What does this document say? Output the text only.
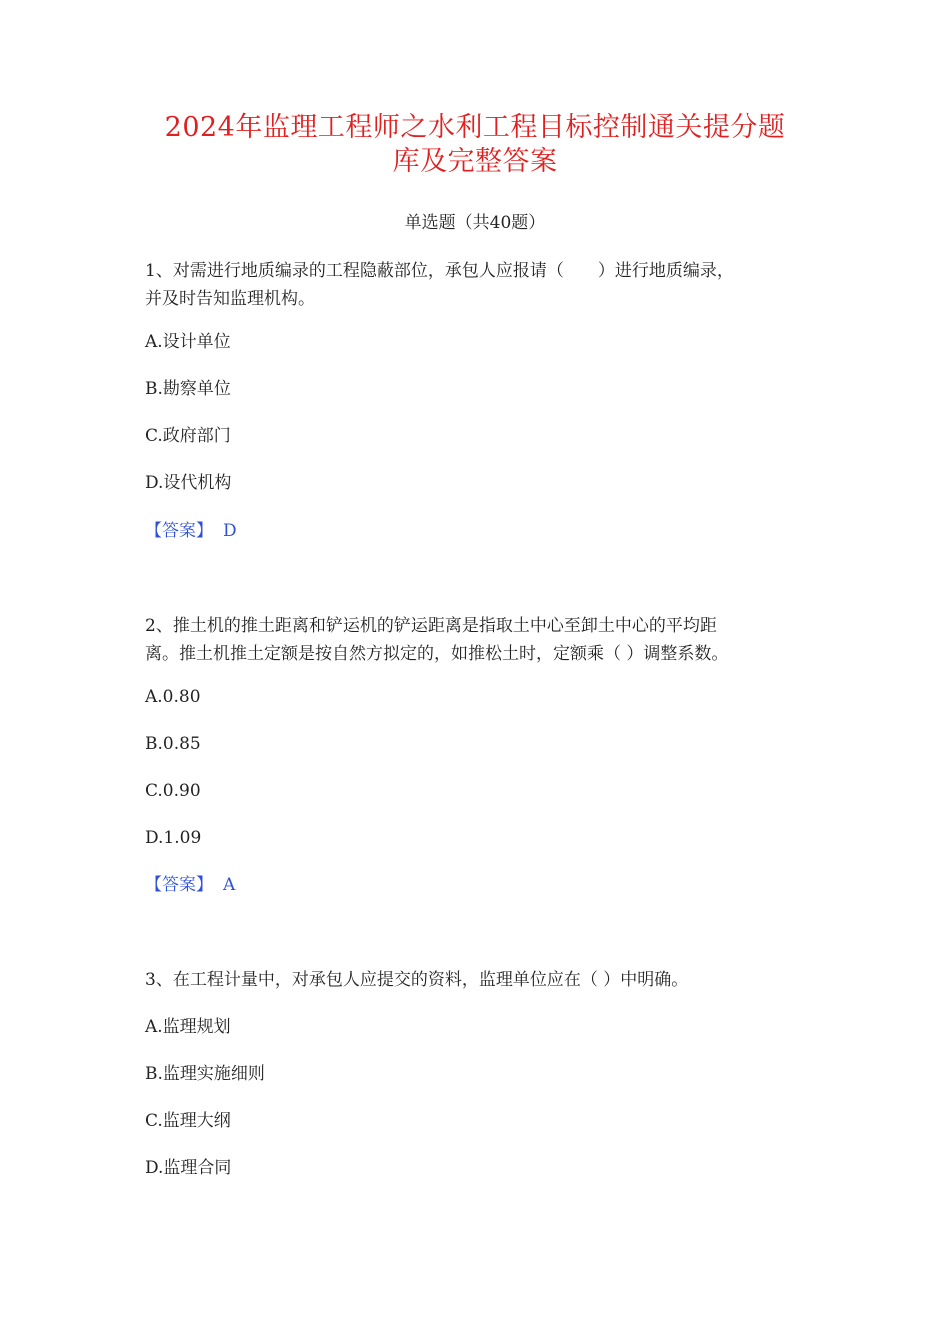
2024年监理工程师之水利工程目标控制通关提分题
库及完整答案
单选题（共40题）
1、对需进行地质编录的工程隐蔽部位，承包人应报请（　　）进行地质编录，
并及时告知监理机构。
A.设计单位
B.勘察单位
C.政府部门
D.设代机构
【答案】 D
2、推土机的推土距离和铲运机的铲运距离是指取土中心至卸土中心的平均距
离。推土机推土定额是按自然方拟定的，如推松土时，定额乘（ ）调整系数。
A.0.80
B.0.85
C.0.90
D.1.09
【答案】 A
3、在工程计量中，对承包人应提交的资料，监理单位应在（ ）中明确。
A.监理规划
B.监理实施细则
C.监理大纲
D.监理合同
